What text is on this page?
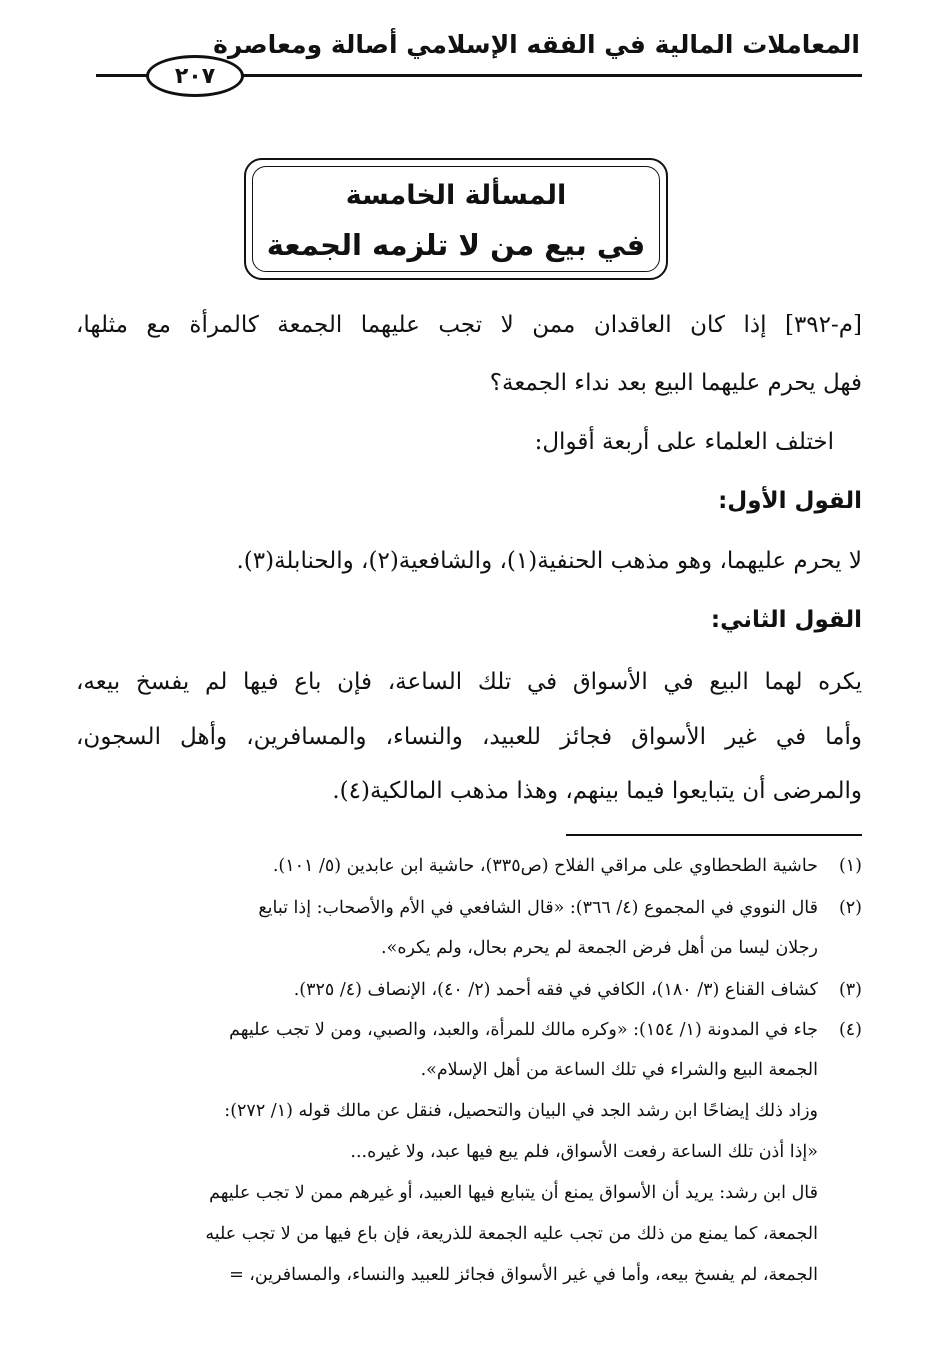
المعاملات المالية في الفقه الإسلامي أصالة ومعاصرة
٢٠٧
المسألة الخامسة
في بيع من لا تلزمه الجمعة
[م-٣٩٢] إذا كان العاقدان ممن لا تجب عليهما الجمعة كالمرأة مع مثلها،
فهل يحرم عليهما البيع بعد نداء الجمعة؟
اختلف العلماء على أربعة أقوال:
القول الأول:
لا يحرم عليهما، وهو مذهب الحنفية(١)، والشافعية(٢)، والحنابلة(٣).
القول الثاني:
يكره لهما البيع في الأسواق في تلك الساعة، فإن باع فيها لم يفسخ بيعه،
وأما في غير الأسواق فجائز للعبيد، والنساء، والمسافرين، وأهل السجون،
والمرضى أن يتبايعوا فيما بينهم، وهذا مذهب المالكية(٤).
(١)حاشية الطحطاوي على مراقي الفلاح (ص٣٣٥)، حاشية ابن عابدين (٥/ ١٠١).
(٢)قال النووي في المجموع (٤/ ٣٦٦): «قال الشافعي في الأم والأصحاب: إذا تبايع
رجلان ليسا من أهل فرض الجمعة لم يحرم بحال، ولم يكره».
(٣)كشاف القناع (٣/ ١٨٠)، الكافي في فقه أحمد (٢/ ٤٠)، الإنصاف (٤/ ٣٢٥).
(٤)جاء في المدونة (١/ ١٥٤): «وكره مالك للمرأة، والعبد، والصبي، ومن لا تجب عليهم
الجمعة البيع والشراء في تلك الساعة من أهل الإسلام».
وزاد ذلك إيضاحًا ابن رشد الجد في البيان والتحصيل، فنقل عن مالك قوله (١/ ٢٧٢):
«إذا أذن تلك الساعة رفعت الأسواق، فلم يبع فيها عبد، ولا غيره...
قال ابن رشد: يريد أن الأسواق يمنع أن يتبايع فيها العبيد، أو غيرهم ممن لا تجب عليهم
الجمعة، كما يمنع من ذلك من تجب عليه الجمعة للذريعة، فإن باع فيها من لا تجب عليه
الجمعة، لم يفسخ بيعه، وأما في غير الأسواق فجائز للعبيد والنساء، والمسافرين، =
